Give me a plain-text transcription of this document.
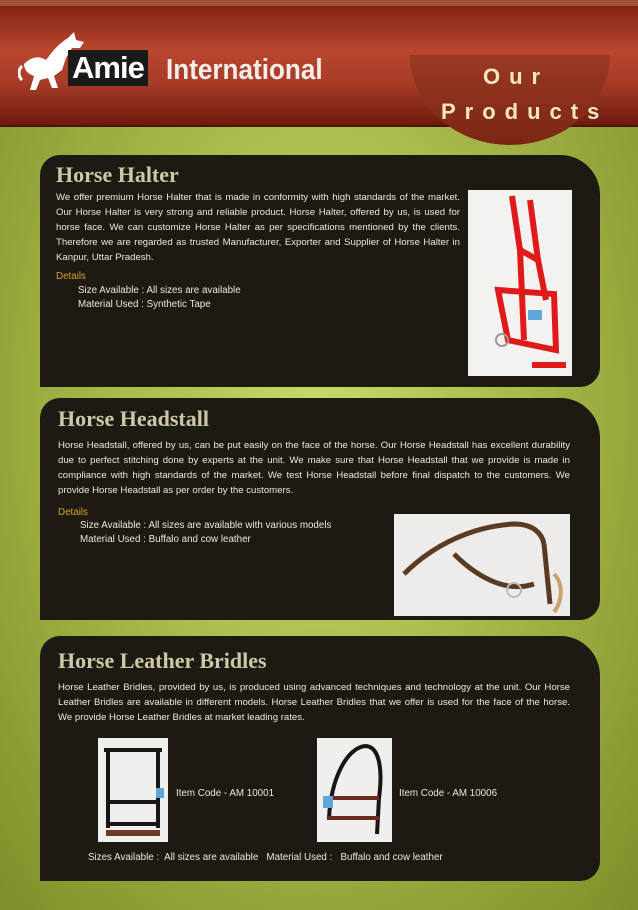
Amie International	Our
Products
Horse Halter
We offer premium Horse Halter that is made in conformity with high standards of the market. Our Horse Halter is very strong and reliable product. Horse Halter, offered by us, is used for horse face. We can customize Horse Halter as per specifications mentioned by the clients. Therefore we are regarded as trusted Manufacturer, Exporter and Supplier of Horse Halter in Kanpur, Uttar Pradesh.
Details
Size Available : All sizes are available
Material Used : Synthetic Tape
Horse Headstall
Horse Headstall, offered by us, can be put easily on the face of the horse. Our Horse Headstall has excellent durability due to perfect stitching done by experts at the unit. We make sure that Horse Headstall that we provide is made in compliance with high standards of the market. We test Horse Headstall before final dispatch to the customers. We provide Horse Headstall as per order by the customers.
Details
Size Available : All sizes are available with various models
Material Used : Buffalo and cow leather
Horse Leather Bridles
Horse Leather Bridles, provided by us, is produced using advanced techniques and technology at the unit. Our Horse Leather Bridles are available in different models. Horse Leather Bridles that we offer is used for the face of the horse. We provide Horse Leather Bridles at market leading rates.
Item Code - AM 10001	Item Code - AM 10006
Sizes Available :  All sizes are available   Material Used :   Buffalo and cow leather
